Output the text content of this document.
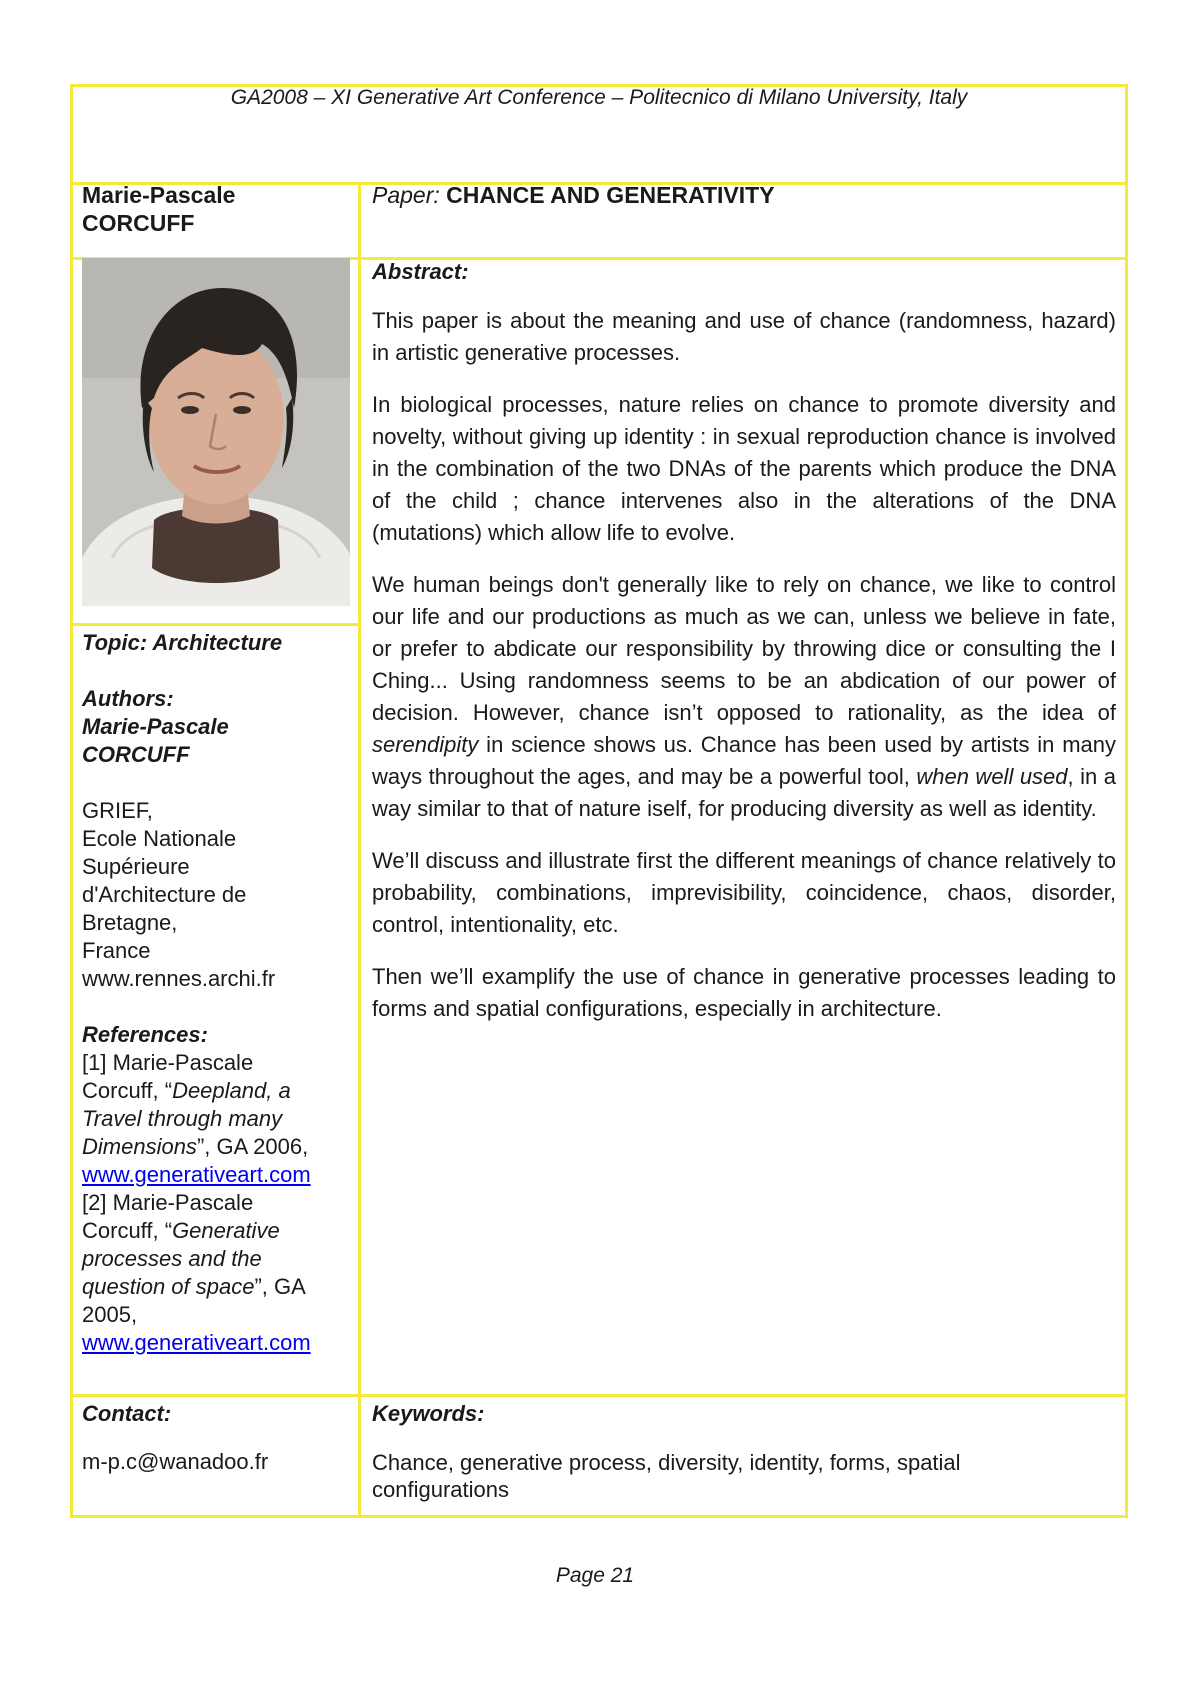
GA2008 – XI Generative Art Conference – Politecnico di Milano University, Italy
Marie-Pascale
CORCUFF
Paper: CHANCE AND GENERATIVITY
Topic: Architecture
Authors:
Marie-Pascale
CORCUFF
GRIEF,
Ecole Nationale
Supérieure
d'Architecture de
Bretagne,
France
www.rennes.archi.fr
References:
[1] Marie-Pascale
Corcuff, “Deepland, a
Travel through many
Dimensions”, GA 2006,
www.generativeart.com
[2] Marie-Pascale
Corcuff, “Generative
processes and the
question of space”, GA
2005,
www.generativeart.com
Abstract:

This paper is about the meaning and use of chance (randomness, hazard) in artistic generative processes.

In biological processes, nature relies on chance to promote diversity and novelty, without giving up identity : in sexual reproduction chance is involved in the combination of the two DNAs of the parents which produce the DNA of the child ; chance intervenes also in the alterations of the DNA (mutations) which allow life to evolve.

We human beings don't generally like to rely on chance, we like to control our life and our productions as much as we can, unless we believe in fate, or prefer to abdicate our responsibility by throwing dice or consulting the I Ching... Using randomness seems to be an abdication of our power of decision. However, chance isn’t opposed to rationality, as the idea of serendipity in science shows us. Chance has been used by artists in many ways throughout the ages, and may be a powerful tool, when well used, in a way similar to that of nature iself, for producing diversity as well as identity.

We’ll discuss and illustrate first the different meanings of chance relatively to probability, combinations, imprevisibility, coincidence, chaos, disorder, control, intentionality, etc.

Then we’ll examplify the use of chance in generative processes leading to forms and spatial configurations, especially in architecture.

Contact:
m-p.c@wanadoo.fr
Keywords:
Chance, generative process, diversity, identity, forms, spatial configurations
Page 21
